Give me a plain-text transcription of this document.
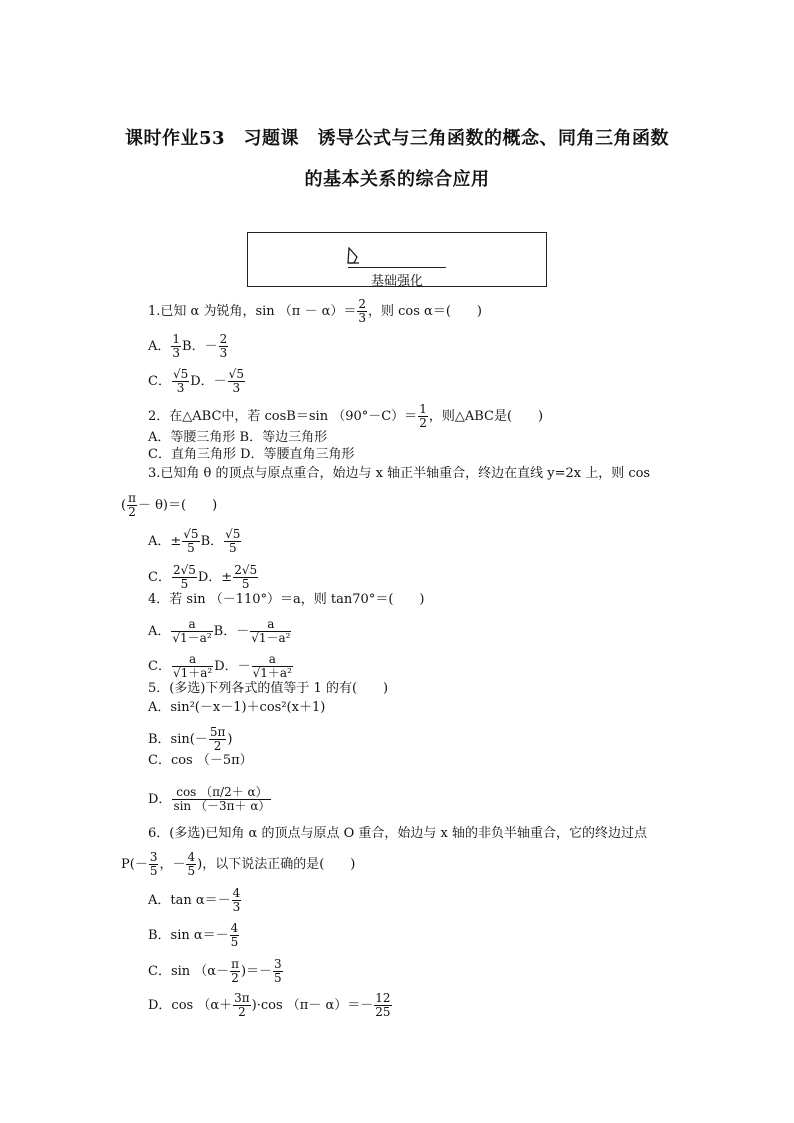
课时作业53　习题课　诱导公式与三角函数的概念、同角三角函数
的基本关系的综合应用
基础强化
1.已知 α 为锐角，$\sin (\pi - \alpha)= \frac{2}{3}$ ，则 cos α＝(　　)
A． $\frac{1}{3}$ B．－ $\frac{2}{3}$
C． $\frac{√5}{3}$ D．－ $\frac{√5}{3}$
2．在△ABC中，若 cosB＝sin $(90^\circ-C)= \frac{1}{2}$ ，则△ABC是(　　)
A．等腰三角形 B．等边三角形
C．直角三角形 D．等腰直角三角形
3.已知角 θ 的顶点与原点重合，始边与 x 轴正半轴重合，终边在直线 y=2x 上，则 cos
( $\frac{\pi}{2} - \theta)=$(　　)
A．± $\frac{√5}{5}$ B． $\frac{√5}{5}$
C． $\frac{2√5}{5}$ D．± $\frac{2√5}{5}$
4．若 sin （－110°）＝a，则 tan70°＝(　　)
A． $\frac{a}{\text{√1－a²}}$ B．－ $\frac{a}{\text{√1－a²}}$
C． $\frac{a}{\text{√1＋a²}}$ D．－ $\frac{a}{\text{√1＋a²}}$
5．(多选)下列各式的值等于 1 的有(　　)
A．sin²(－x－1)＋cos²(x＋1)
B．$\sin(- \frac{5\pi}{2}$ )
C．cos （－5π）
D． $\frac{\cos (\pi/2+ \alpha)}{\sin (-3\pi+ \alpha)}$
6．(多选)已知角 α 的顶点与原点 O 重合，始边与 x 轴的非负半轴重合，它的终边过点
$P(- \frac{3}{5}$ ，－ $\frac{4}{5}$ )，以下说法正确的是(　　)
A．$\tan \alpha=- \frac{4}{3}$
B．$\sin \alpha=- \frac{4}{5}$
C．$\sin (\alpha- \frac{\pi}{2}$ )＝－ $\frac{3}{5}$
D．$\cos (\alpha+ \frac{3\pi}{2} )\cdot\cos$ $(\pi- \alpha)=- \frac{12}{25}$
